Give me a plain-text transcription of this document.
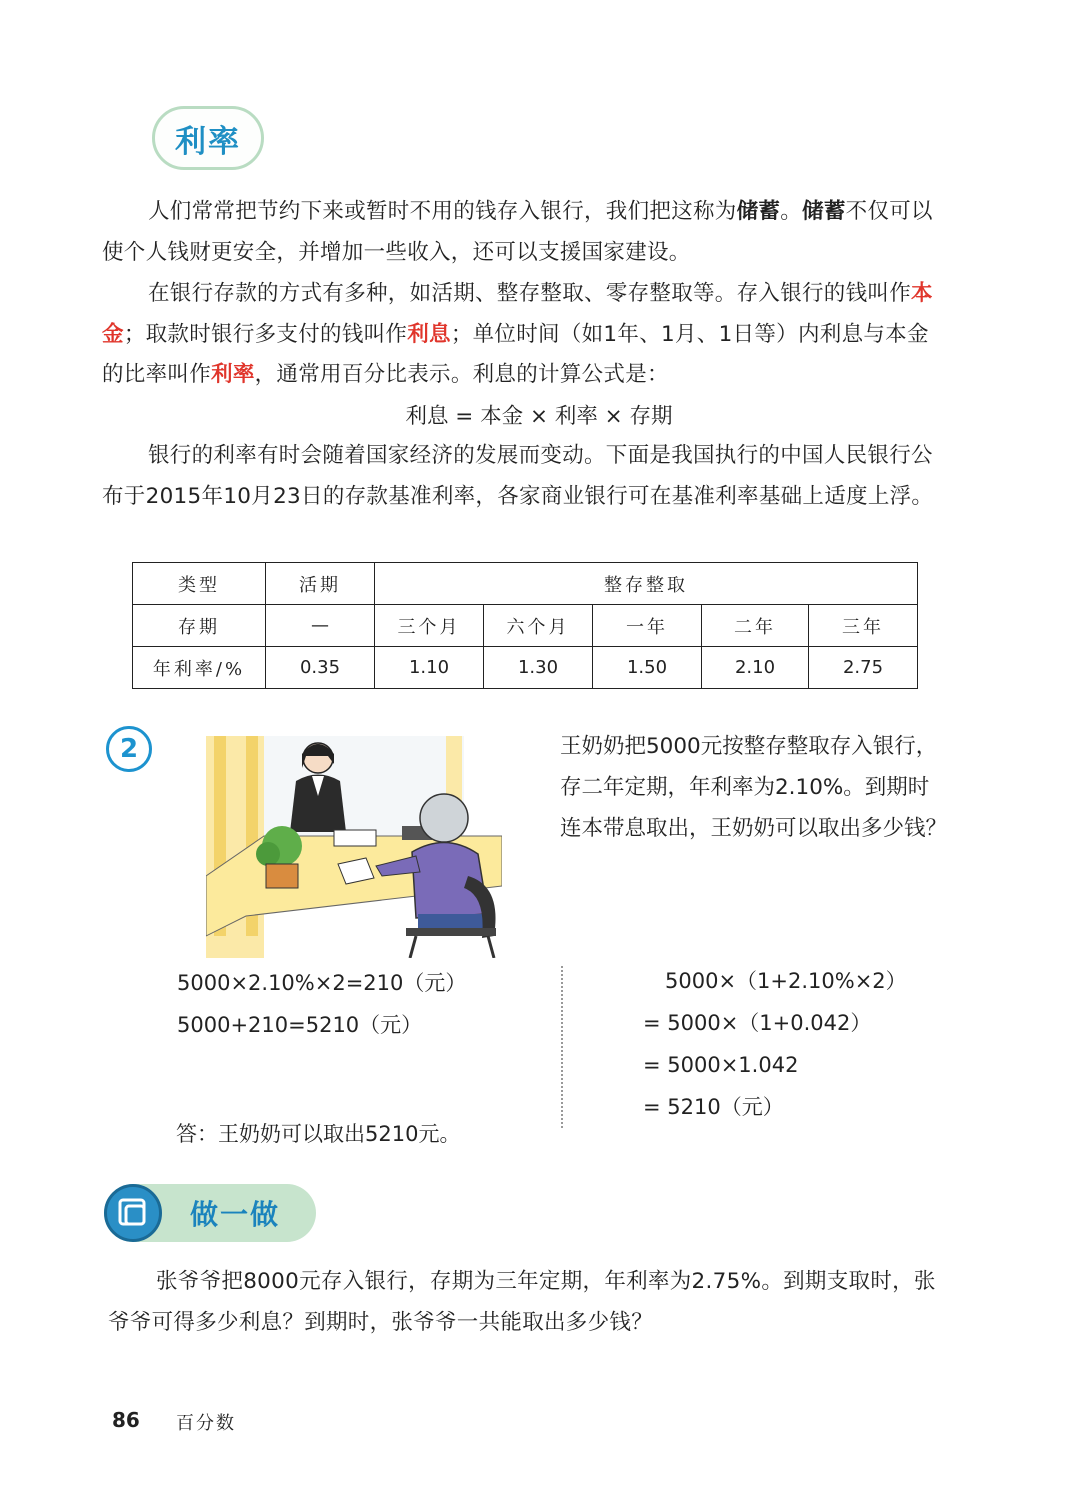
利率

人们常常把节约下来或暂时不用的钱存入银行，我们把这称为储蓄。储蓄不仅可以使个人钱财更安全，并增加一些收入，还可以支援国家建设。

在银行存款的方式有多种，如活期、整存整取、零存整取等。存入银行的钱叫作本金；取款时银行多支付的钱叫作利息；单位时间（如1年、1月、1日等）内利息与本金的比率叫作利率，通常用百分比表示。利息的计算公式是：

利息 = 本金 × 利率 × 存期

银行的利率有时会随着国家经济的发展而变动。下面是我国执行的中国人民银行公布于2015年10月23日的存款基准利率，各家商业银行可在基准利率基础上适度上浮。

类型	活期	整存整取				
存期	—	三个月	六个月	一年	二年	三年
年利率/%	0.35	1.10	1.30	1.50	2.10	2.75
2	王奶奶把5000元按整存整取存入银行，存二年定期，年利率为2.10%。到期时连本带息取出，王奶奶可以取出多少钱？
5000×2.10%×2=210（元）
5000+210=5210（元）
答：王奶奶可以取出5210元。
5000×（1+2.10%×2）
= 5000×（1+0.042）
= 5000×1.042
= 5210（元）
做一做

张爷爷把8000元存入银行，存期为三年定期，年利率为2.75%。到期支取时，张爷爷可得多少利息？到期时，张爷爷一共能取出多少钱？

86 百分数
